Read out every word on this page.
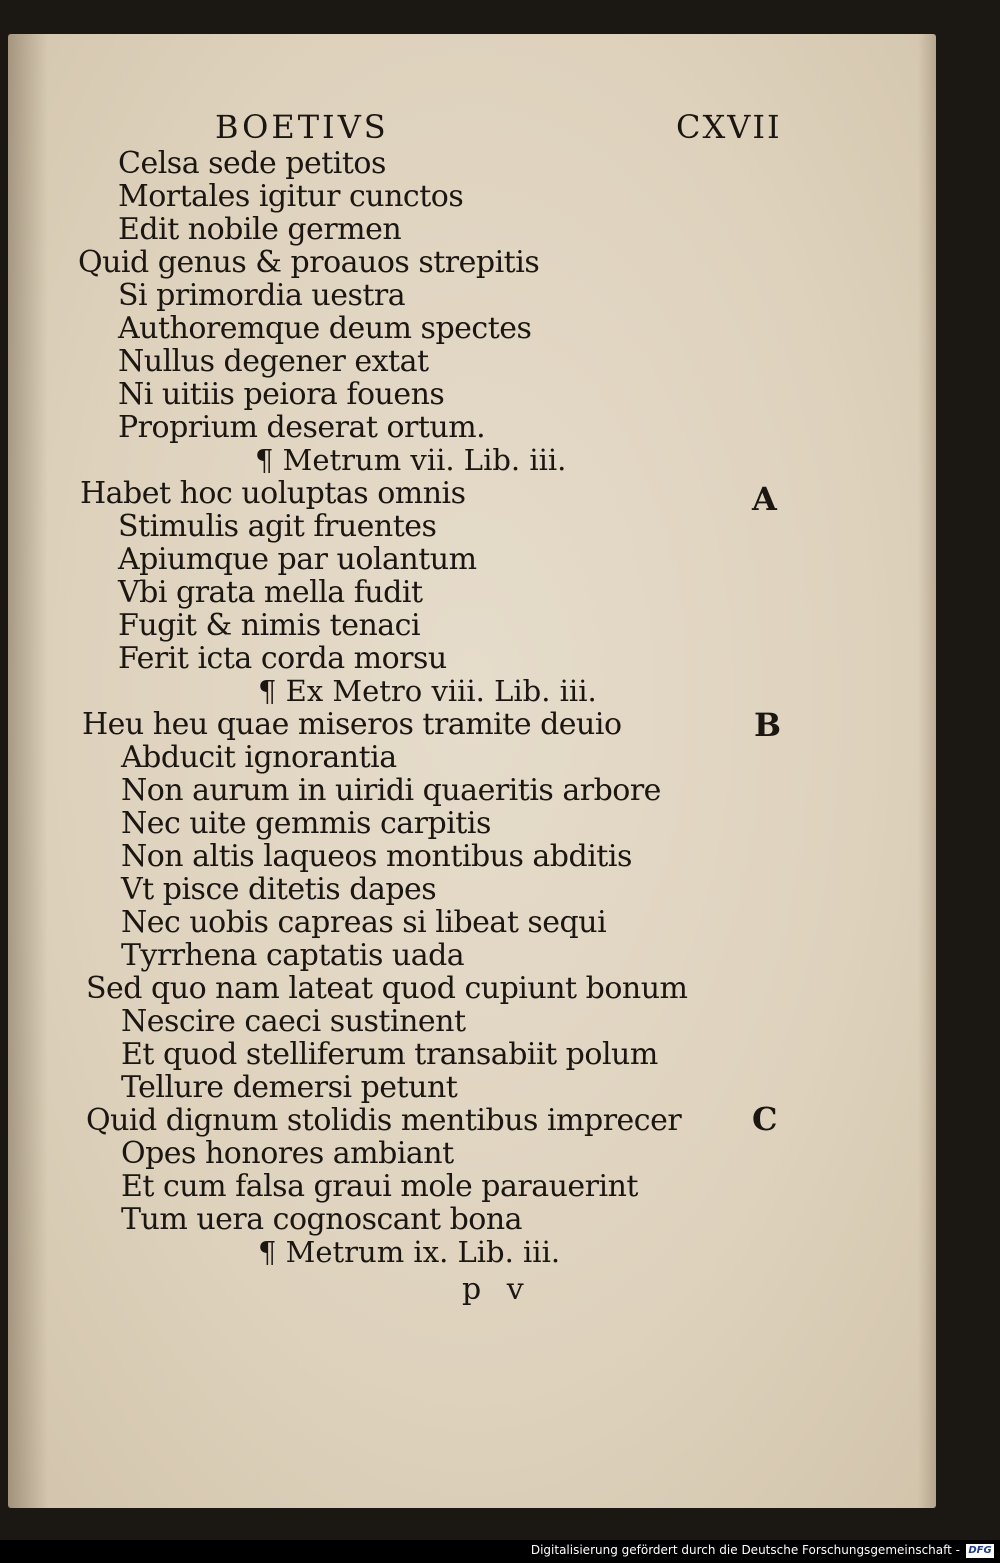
BOETIVS	CXVII
Celsa sede petitos
Mortales igitur cunctos
Edit nobile germen
Quid genus & proauos strepitis
Si primordia uestra
Authoremque deum spectes
Nullus degener extat
Ni uitiis peiora fouens
Proprium deserat ortum.
¶ Metrum vii. Lib. iii.
Habet hoc uoluptas omnis
Stimulis agit fruentes
Apiumque par uolantum
Vbi grata mella fudit
Fugit & nimis tenaci
Ferit icta corda morsu
¶ Ex Metro viii. Lib. iii.
Heu heu quae miseros tramite deuio
Abducit ignorantia
Non aurum in uiridi quaeritis arbore
Nec uite gemmis carpitis
Non altis laqueos montibus abditis
Vt pisce ditetis dapes
Nec uobis capreas si libeat sequi
Tyrrhena captatis uada
Sed quo nam lateat quod cupiunt bonum
Nescire caeci sustinent
Et quod stelliferum transabiit polum
Tellure demersi petunt
Quid dignum stolidis mentibus imprecer
Opes honores ambiant
Et cum falsa graui mole parauerint
Tum uera cognoscant bona
¶ Metrum ix. Lib. iii.
A
B
C
p v
Digitalisierung gefördert durch die Deutsche Forschungsgemeinschaft - DFG
